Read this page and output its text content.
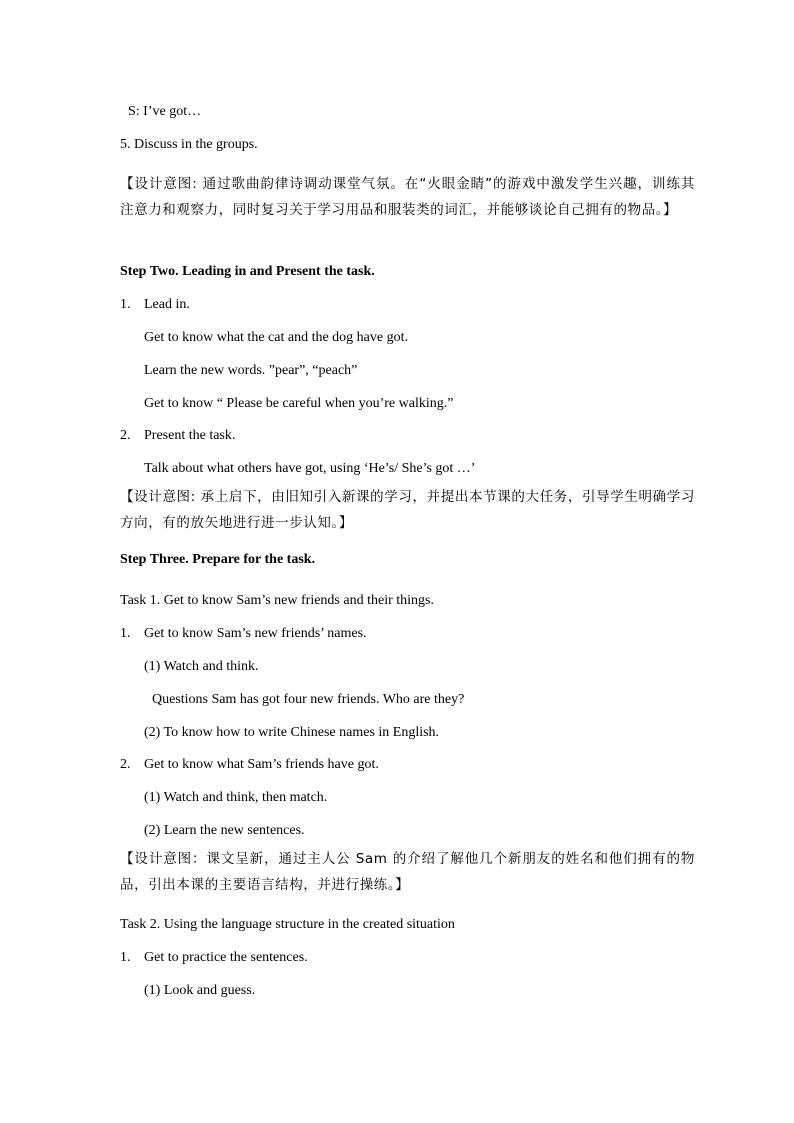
S: I’ve got…
5. Discuss in the groups.
【设计意图: 通过歌曲韵律诗调动课堂气氛。在“火眼金睛”的游戏中激发学生兴趣，训练其注意力和观察力，同时复习关于学习用品和服装类的词汇，并能够谈论自己拥有的物品。】
Step Two. Leading in and Present the task.
1. Lead in.
Get to know what the cat and the dog have got.
Learn the new words. ”pear”, “peach”
Get to know “ Please be careful when you’re walking.”
2. Present the task.
Talk about what others have got, using ‘He’s/ She’s got …’
【设计意图: 承上启下，由旧知引入新课的学习，并提出本节课的大任务，引导学生明确学习方向，有的放矢地进行进一步认知。】
Step Three. Prepare for the task.
Task 1. Get to know Sam’s new friends and their things.
1. Get to know Sam’s new friends’ names.
(1) Watch and think.
Questions Sam has got four new friends. Who are they?
(2) To know how to write Chinese names in English.
2. Get to know what Sam’s friends have got.
(1) Watch and think, then match.
(2) Learn the new sentences.
【设计意图：课文呈新，通过主人公 Sam 的介绍了解他几个新朋友的姓名和他们拥有的物品，引出本课的主要语言结构，并进行操练。】
Task 2. Using the language structure in the created situation
1. Get to practice the sentences.
(1) Look and guess.
